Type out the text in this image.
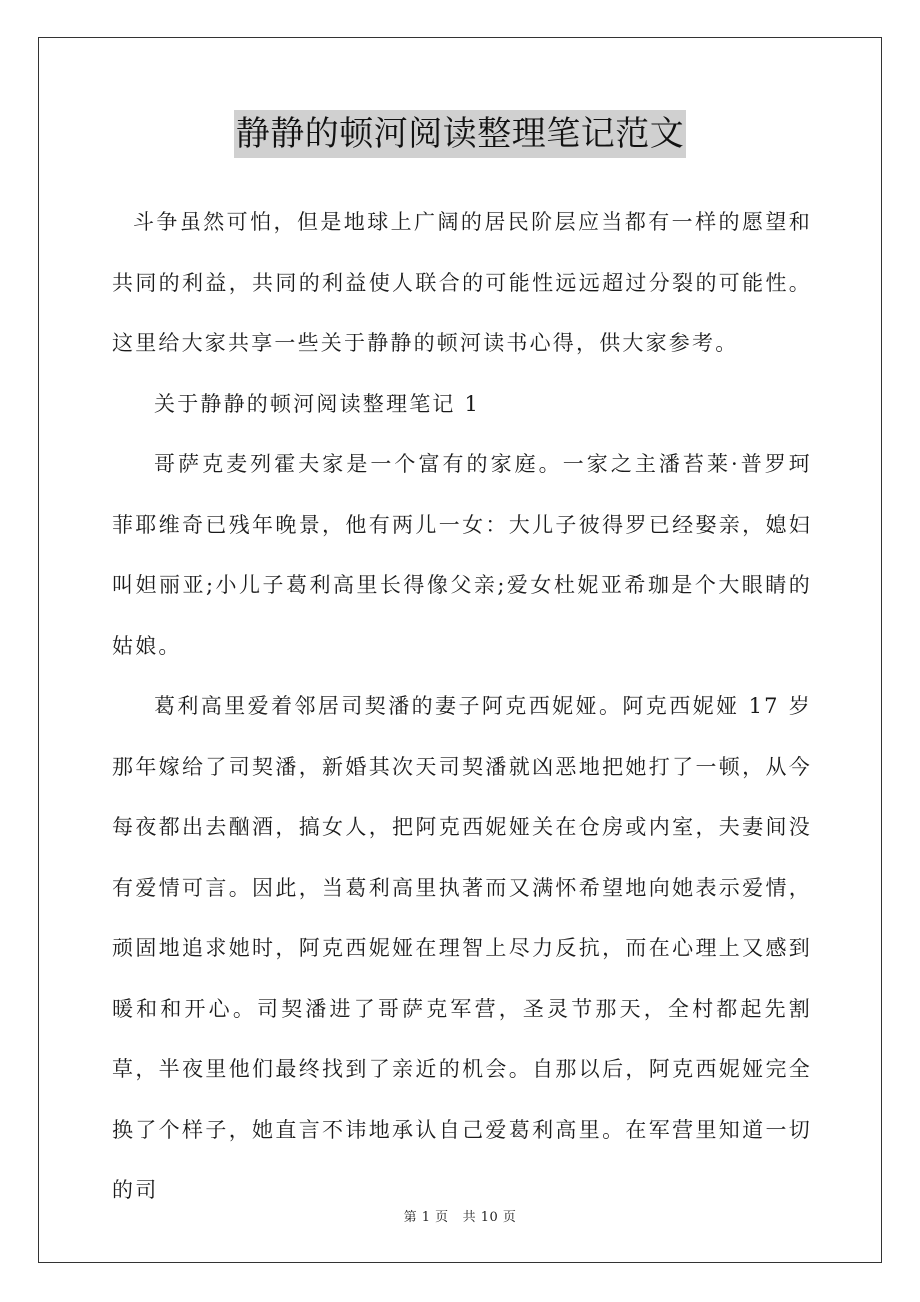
静静的顿河阅读整理笔记范文

斗争虽然可怕，但是地球上广阔的居民阶层应当都有一样的愿望和共同的利益，共同的利益使人联合的可能性远远超过分裂的可能性。这里给大家共享一些关于静静的顿河读书心得，供大家参考。

关于静静的顿河阅读整理笔记 1

哥萨克麦列霍夫家是一个富有的家庭。一家之主潘苔莱·普罗珂菲耶维奇已残年晚景，他有两儿一女：大儿子彼得罗已经娶亲，媳妇叫妲丽亚;小儿子葛利高里长得像父亲;爱女杜妮亚希珈是个大眼睛的姑娘。

葛利高里爱着邻居司契潘的妻子阿克西妮娅。阿克西妮娅 17 岁那年嫁给了司契潘，新婚其次天司契潘就凶恶地把她打了一顿，从今每夜都出去酗酒，搞女人，把阿克西妮娅关在仓房或内室，夫妻间没有爱情可言。因此，当葛利高里执著而又满怀希望地向她表示爱情，顽固地追求她时，阿克西妮娅在理智上尽力反抗，而在心理上又感到暖和和开心。司契潘进了哥萨克军营，圣灵节那天，全村都起先割草，半夜里他们最终找到了亲近的机会。自那以后，阿克西妮娅完全换了个样子，她直言不讳地承认自己爱葛利高里。在军营里知道一切的司

第 1 页 共 10 页
